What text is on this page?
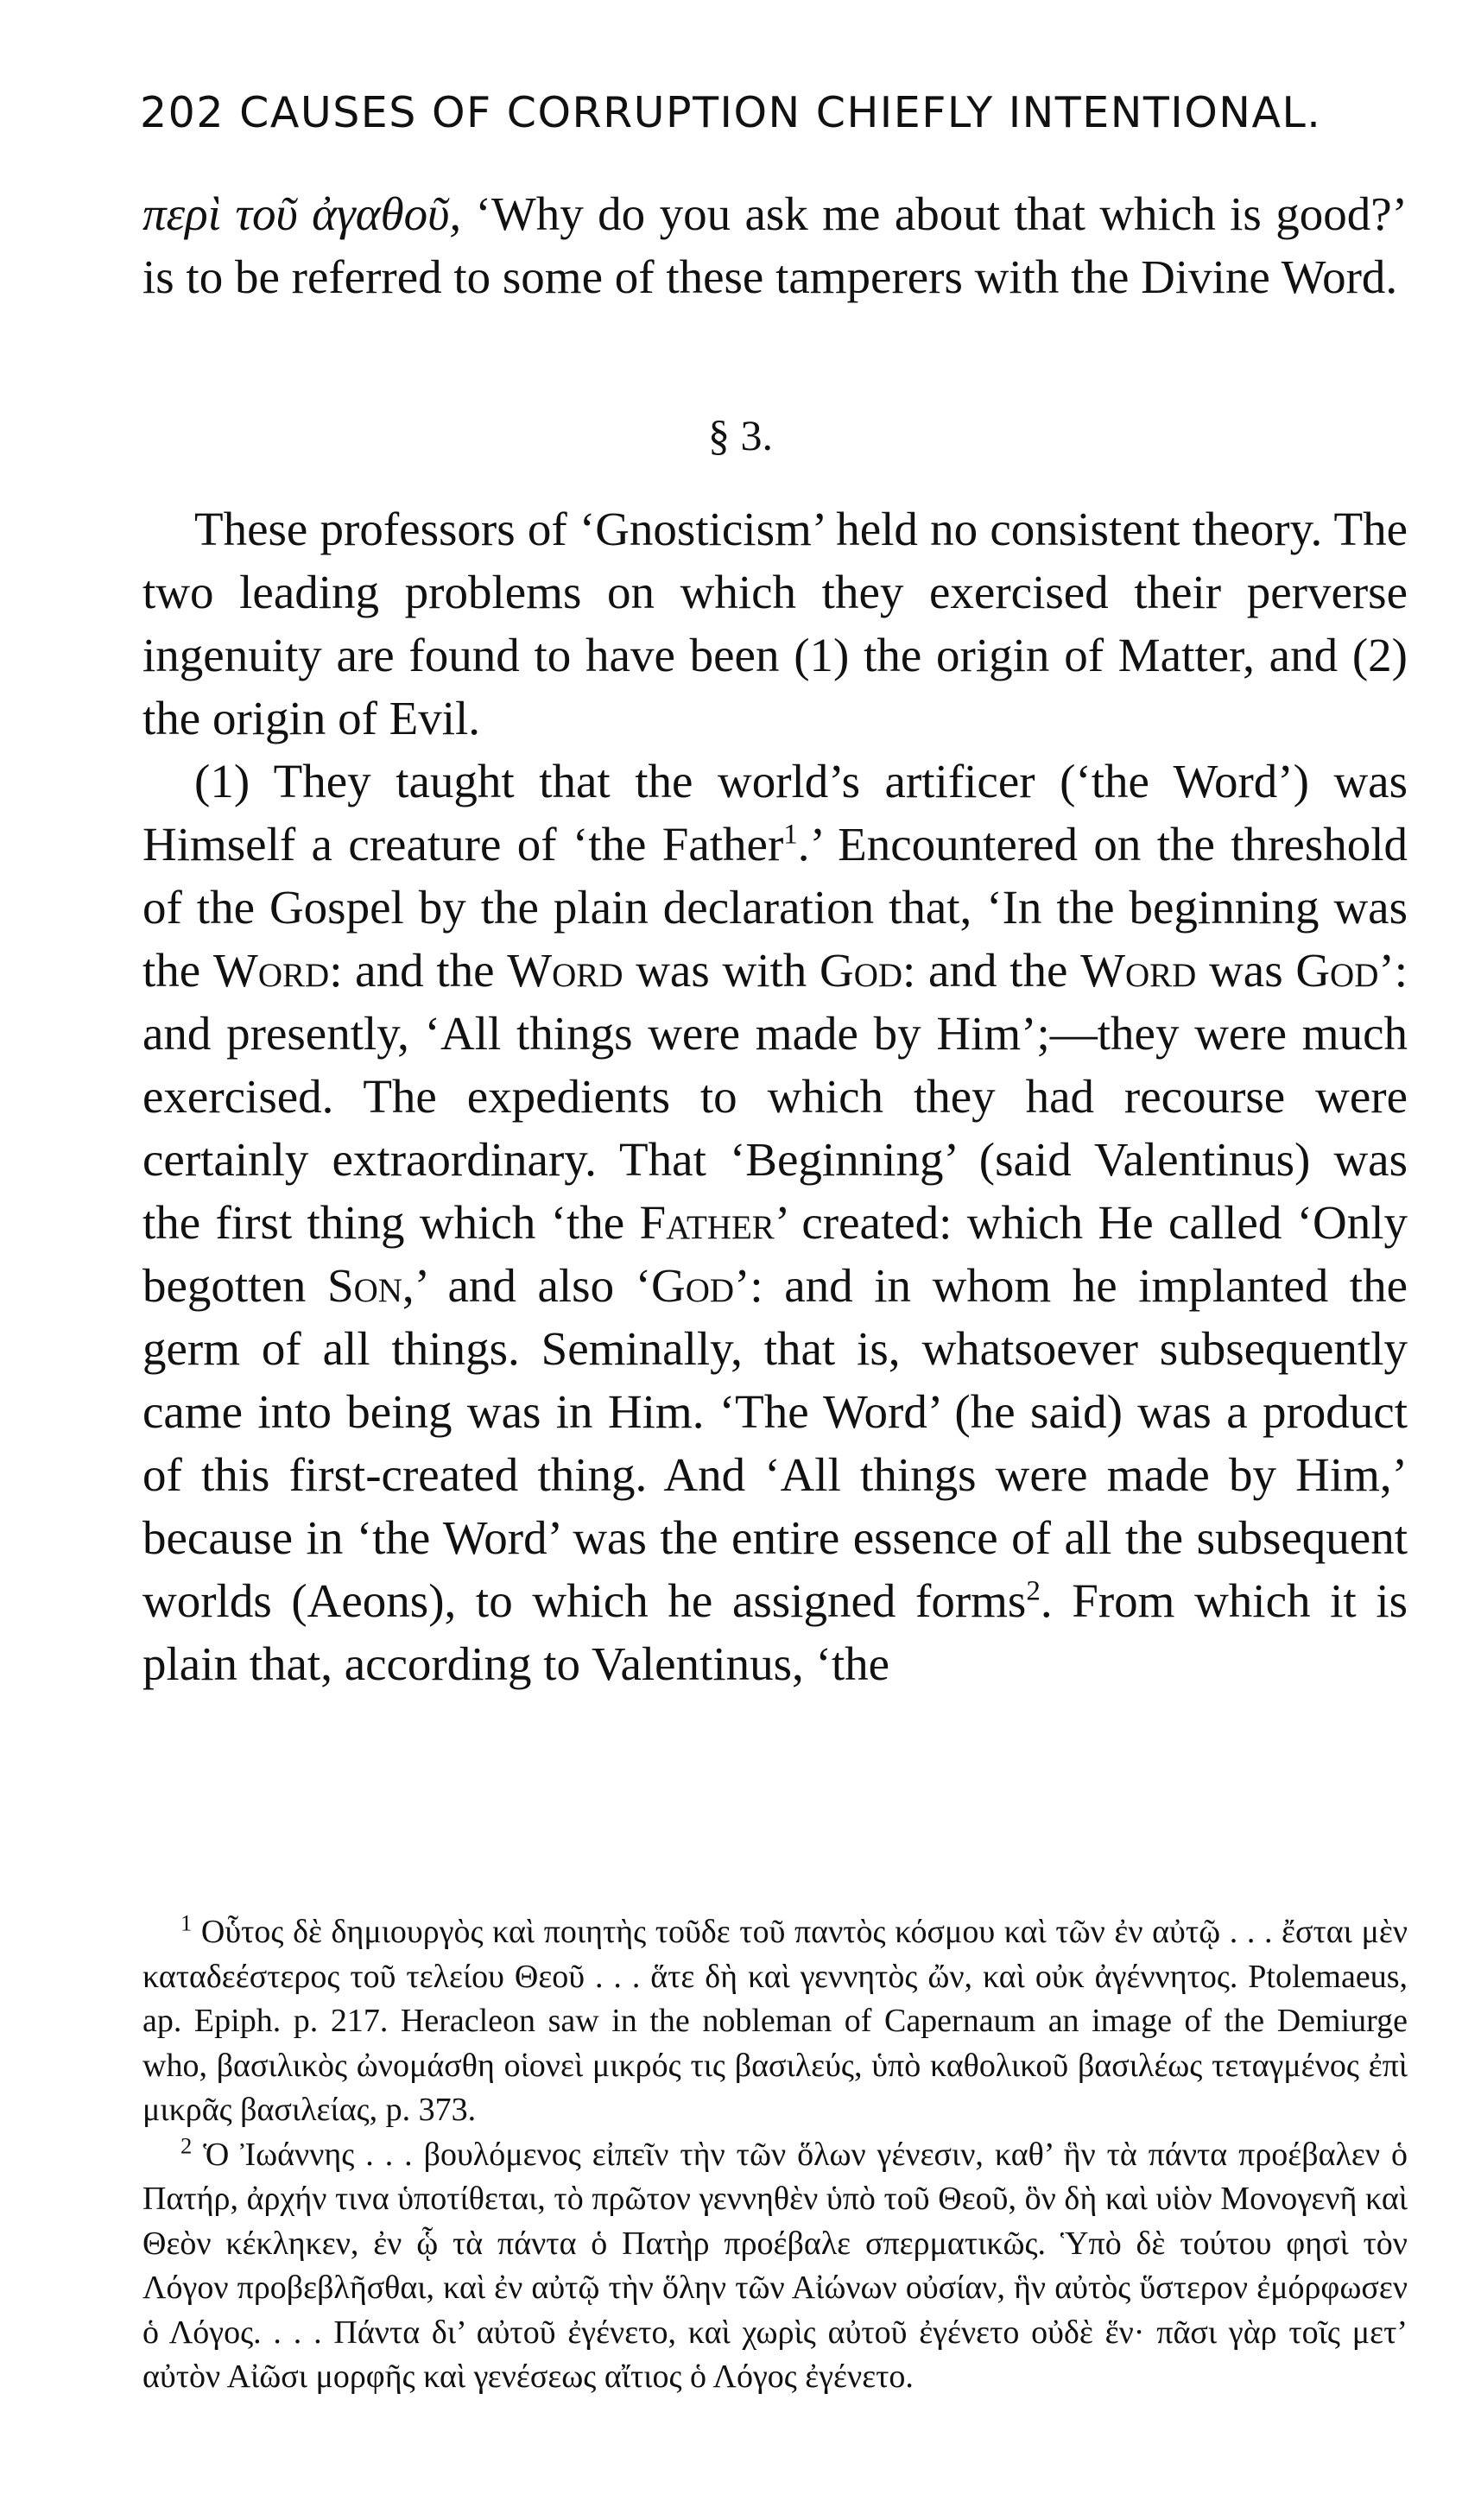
202 CAUSES OF CORRUPTION CHIEFLY INTENTIONAL.

περὶ τοῦ ἀγαθοῦ, ‘Why do you ask me about that which is good?’ is to be referred to some of these tamperers with the Divine Word.

§ 3.

These professors of ‘Gnosticism’ held no consistent theory. The two leading problems on which they exercised their perverse ingenuity are found to have been (1) the origin of Matter, and (2) the origin of Evil.

(1) They taught that the world’s artificer (‘the Word’) was Himself a creature of ‘the Father$^1$.’ Encountered on the threshold of the Gospel by the plain declaration that, ‘In the beginning was the Word: and the Word was with God: and the Word was God’: and presently, ‘All things were made by Him’;—they were much exercised. The expedients to which they had recourse were certainly extraordinary. That ‘Beginning’ (said Valentinus) was the first thing which ‘the Father’ created: which He called ‘Only begotten Son,’ and also ‘God’: and in whom he implanted the germ of all things. Seminally, that is, whatsoever subsequently came into being was in Him. ‘The Word’ (he said) was a product of this first-created thing. And ‘All things were made by Him,’ because in ‘the Word’ was the entire essence of all the subsequent worlds (Aeons), to which he assigned forms$^2$. From which it is plain that, according to Valentinus, ‘the

$^1$ Οὗτος δὲ δημιουργὸς καὶ ποιητὴς τοῦδε τοῦ παντὸς κόσμου καὶ τῶν ἐν αὐτῷ . . . ἔσται μὲν καταδεέστερος τοῦ τελείου Θεοῦ . . . ἅτε δὴ καὶ γεννητὸς ὤν, καὶ οὐκ ἀγέννητος. Ptolemaeus, ap. Epiph. p. 217. Heracleon saw in the nobleman of Capernaum an image of the Demiurge who, βασιλικὸς ὠνομάσθη οἱονεὶ μικρός τις βασιλεύς, ὑπὸ καθολικοῦ βασιλέως τεταγμένος ἐπὶ μικρᾶς βασιλείας, p. 373.

$^2$ Ὁ Ἰωάννης . . . βουλόμενος εἰπεῖν τὴν τῶν ὅλων γένεσιν, καθ’ ἣν τὰ πάντα προέβαλεν ὁ Πατήρ, ἀρχήν τινα ὑποτίθεται, τὸ πρῶτον γεννηθὲν ὑπὸ τοῦ Θεοῦ, ὃν δὴ καὶ υἱὸν Μονογενῆ καὶ Θεὸν κέκληκεν, ἐν ᾧ τὰ πάντα ὁ Πατὴρ προέβαλε σπερματικῶς. Ὑπὸ δὲ τούτου φησὶ τὸν Λόγον προβεβλῆσθαι, καὶ ἐν αὐτῷ τὴν ὅλην τῶν Αἰώνων οὐσίαν, ἣν αὐτὸς ὕστερον ἐμόρφωσεν ὁ Λόγος. . . . Πάντα δι’ αὐτοῦ ἐγένετο, καὶ χωρὶς αὐτοῦ ἐγένετο οὐδὲ ἕν· πᾶσι γὰρ τοῖς μετ’ αὐτὸν Αἰῶσι μορφῆς καὶ γενέσεως αἴτιος ὁ Λόγος ἐγένετο.
